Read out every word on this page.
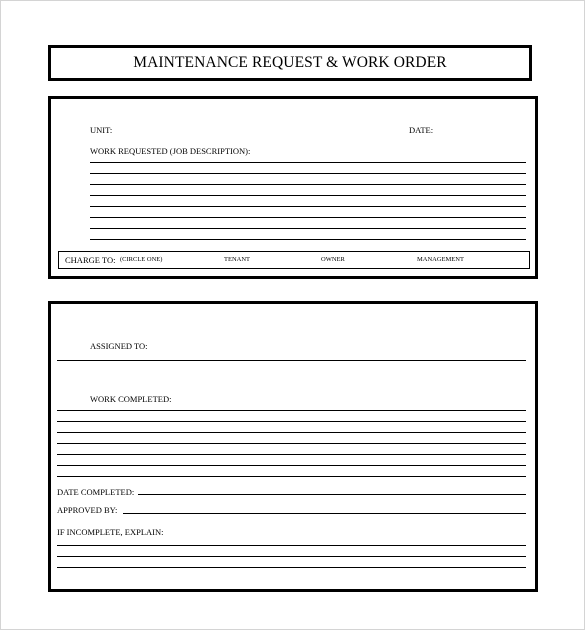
MAINTENANCE REQUEST & WORK ORDER
UNIT:	DATE:
WORK REQUESTED (JOB DESCRIPTION):
CHARGE TO: (CIRCLE ONE)	TENANT	OWNER	MANAGEMENT
ASSIGNED TO:
WORK COMPLETED:
DATE COMPLETED:
APPROVED BY:
IF INCOMPLETE, EXPLAIN:
